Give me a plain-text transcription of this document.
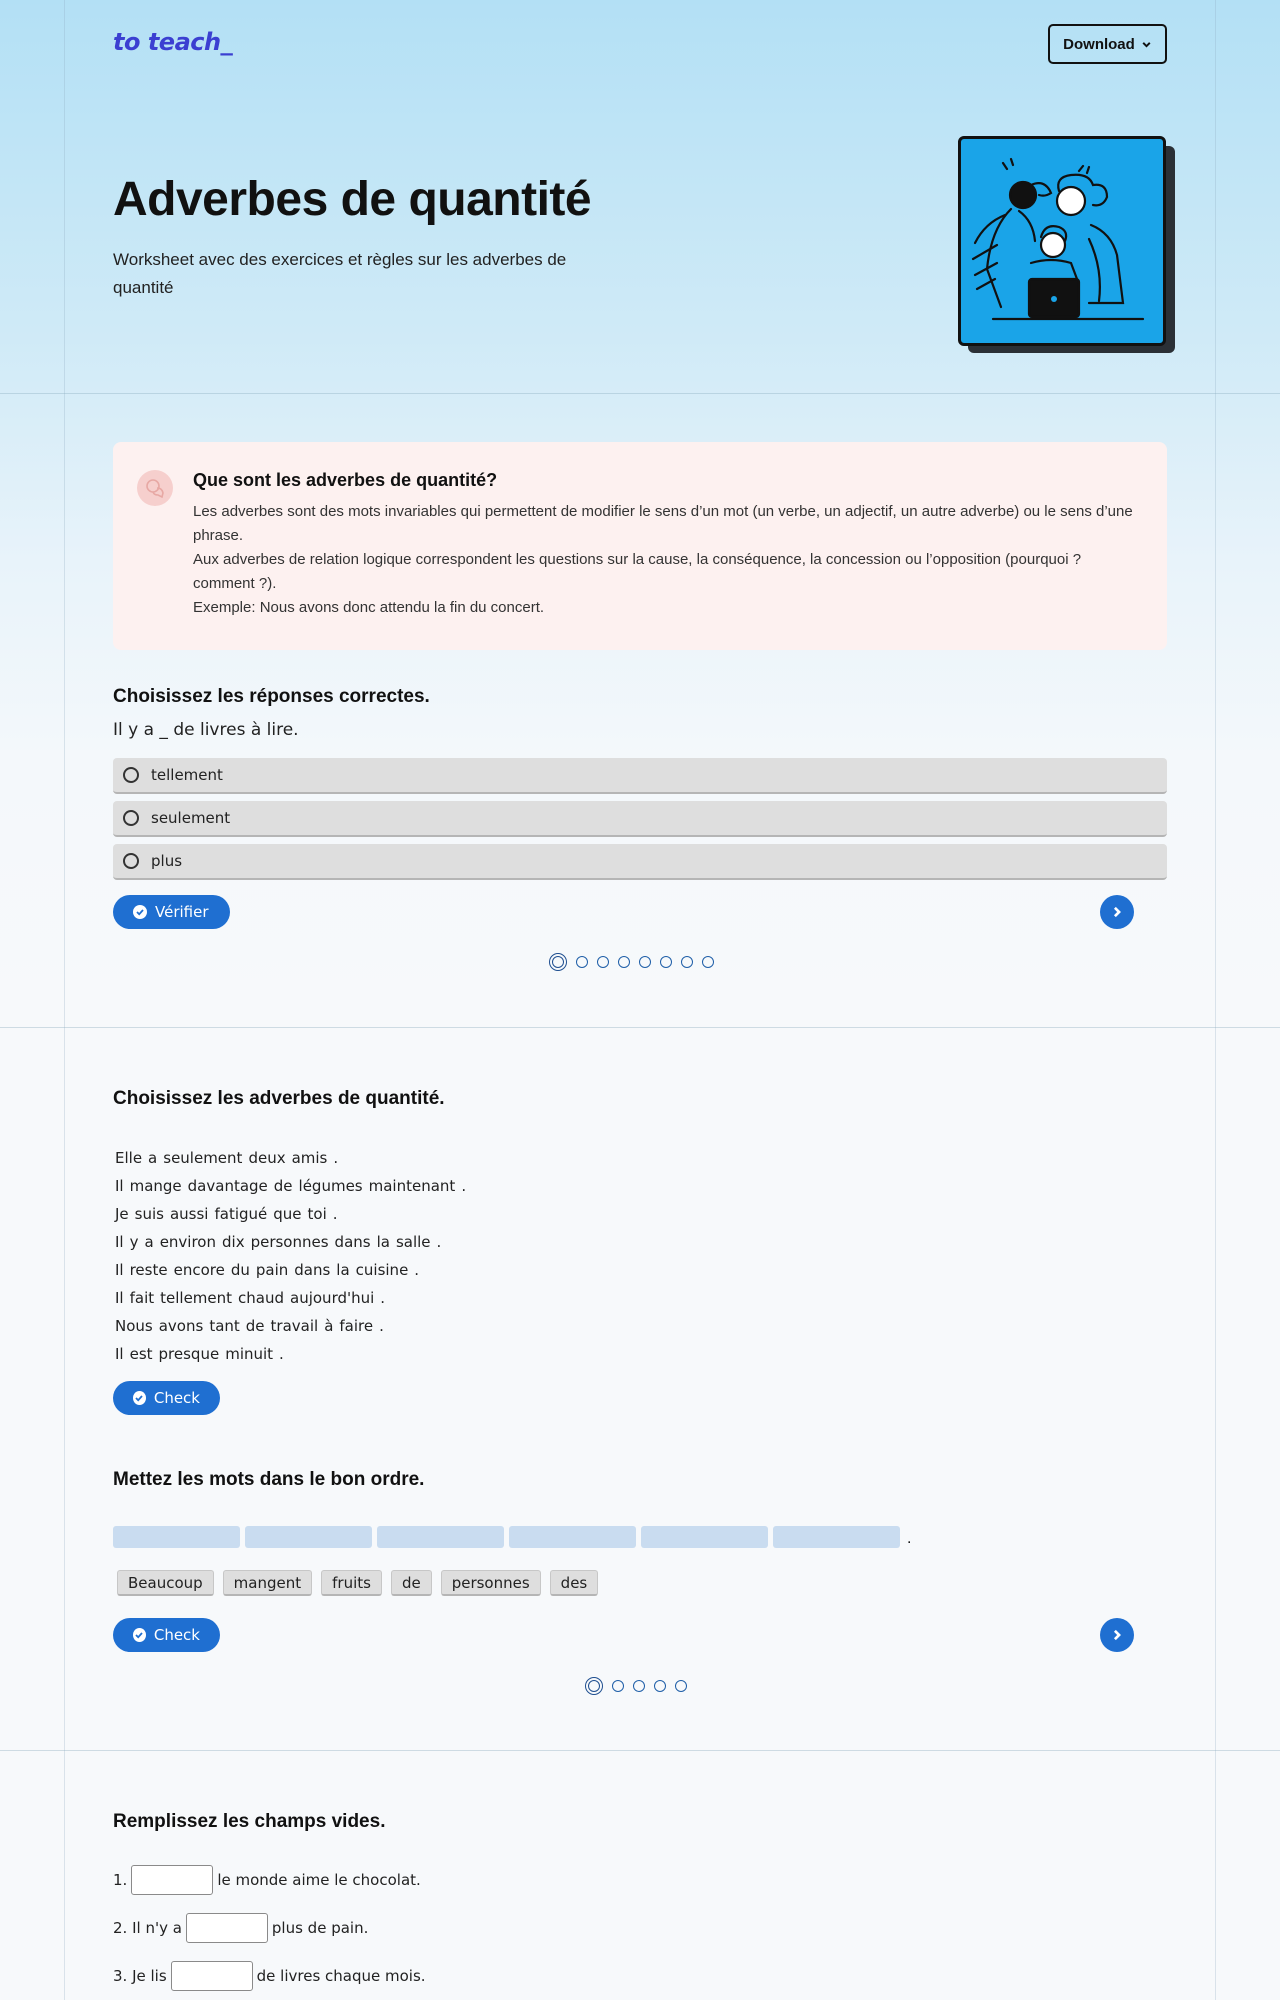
to teach_	Download
Adverbes de quantité

Worksheet avec des exercices et règles sur les adverbes de quantité

Que sont les adverbes de quantité?

Les adverbes sont des mots invariables qui permettent de modifier le sens d’un mot (un verbe, un adjectif, un autre adverbe) ou le sens d’une phrase.

Aux adverbes de relation logique correspondent les questions sur la cause, la conséquence, la concession ou l’opposition (pourquoi ? comment ?).

Exemple: Nous avons donc attendu la fin du concert.

Choisissez les réponses correctes.

Il y a _ de livres à lire.

tellement
seulement
plus
Vérifier
Choisissez les adverbes de quantité.
Elle a seulement deux amis .
Il mange davantage de légumes maintenant .
Je suis aussi fatigué que toi .
Il y a environ dix personnes dans la salle .
Il reste encore du pain dans la cuisine .
Il fait tellement chaud aujourd'hui .
Nous avons tant de travail à faire .
Il est presque minuit .
Check
Mettez les mots dans le bon ordre.
.
Beaucoup	mangent	fruits	de	personnes	des
Check
Remplissez les champs vides.
1.	le monde aime le chocolat.
2. Il n'y a	plus de pain.
3. Je lis	de livres chaque mois.
